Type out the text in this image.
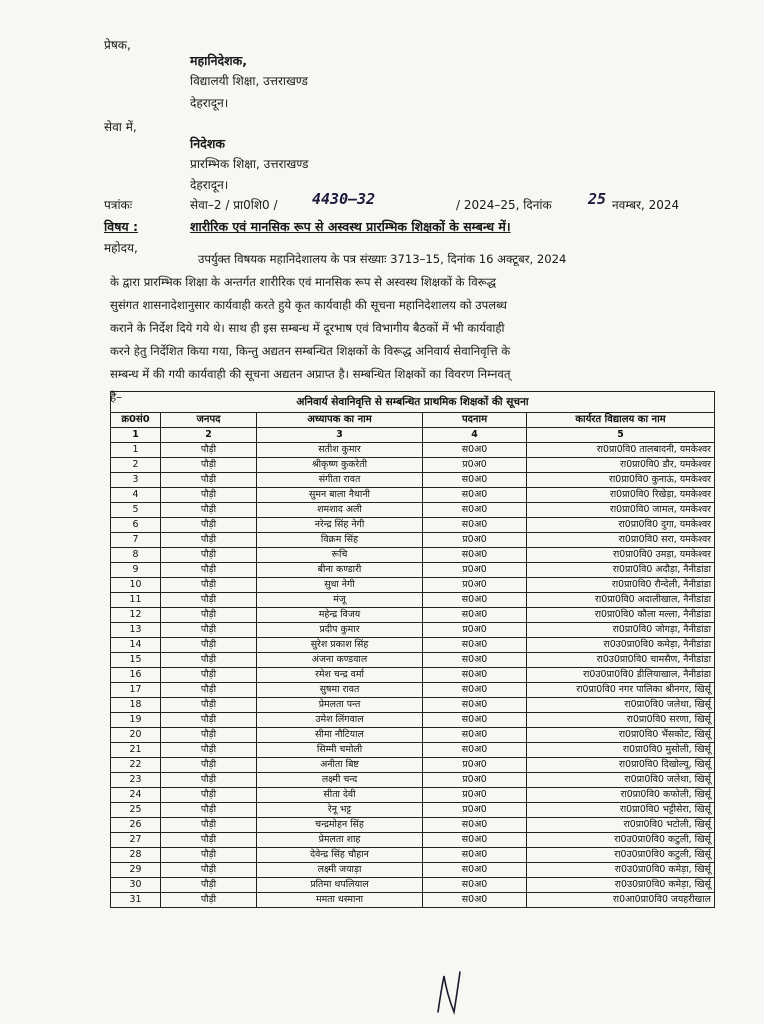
प्रेषक,
महानिदेशक,
विद्यालयी शिक्षा, उत्तराखण्ड
देहरादून।
सेवा में,
निदेशक
प्रारम्भिक शिक्षा, उत्तराखण्ड
देहरादून।
पत्रांकः	सेवा–2 / प्रा0शि0 / 4430–32	/ 2024–25, दिनांक 25 नवम्बर, 2024
विषय :	शारीरिक एवं मानसिक रूप से अस्वस्थ प्रारम्भिक शिक्षकों के सम्बन्ध में।
महोदय,
उपर्युक्त विषयक महानिदेशालय के पत्र संख्याः 3713–15, दिनांक 16 अक्टूबर, 2024
के द्वारा प्रारम्भिक शिक्षा के अन्तर्गत शारीरिक एवं मानसिक रूप से अस्वस्थ शिक्षकों के विरूद्ध
सुसंगत शासनादेशानुसार कार्यवाही करते हुये कृत कार्यवाही की सूचना महानिदेशालय को उपलब्ध
कराने के निर्देश दिये गये थे। साथ ही इस सम्बन्ध में दूरभाष एवं विभागीय बैठकों में भी कार्यवाही
करने हेतु निर्देशित किया गया, किन्तु अद्यतन सम्बन्धित शिक्षकों के विरूद्ध अनिवार्य सेवानिवृत्ति के
सम्बन्ध में की गयी कार्यवाही की सूचना अद्यतन अप्राप्त है। सम्बन्धित शिक्षकों का विवरण निम्नवत्
है–	अनिवार्य सेवानिवृत्ति से सम्बन्धित प्राथमिक शिक्षकों की सूचना				
क्र0सं0	जनपद	अध्यापक का नाम	पदनाम	कार्यरत विद्यालय का नाम
1	2	3	4	5
1	पौड़ी	सतीश कुमार	स0अ0	रा0प्रा0वि0 तालबादनी, यमकेश्वर
2	पौड़ी	श्रीकृष्ण कुकरेती	प्र0अ0	रा0प्रा0वि0 डौर, यमकेश्वर
3	पौड़ी	संगीता रावत	स0अ0	रा0प्रा0वि0 कुनाऊं, यमकेश्वर
4	पौड़ी	सुमन बाला नैथानी	स0अ0	रा0प्रा0वि0 रिखेड़ा, यमकेश्वर
5	पौड़ी	शमशाद अली	स0अ0	रा0प्रा0वि0 जामल, यमकेश्वर
6	पौड़ी	नरेन्द्र सिंह नेगी	स0अ0	रा0प्रा0वि0 दुगा, यमकेश्वर
7	पौड़ी	विक्रम सिंह	प्र0अ0	रा0प्रा0वि0 सरा, यमकेश्वर
8	पौड़ी	रूचि	स0अ0	रा0प्रा0वि0 उमड़ा, यमकेश्वर
9	पौड़ी	बीना कण्डारी	प्र0अ0	रा0प्रा0वि0 अदौड़ा, नैनीडांडा
10	पौड़ी	सुधा नेगी	प्र0अ0	रा0प्रा0वि0 रौन्देली, नैनीडांडा
11	पौड़ी	मंजू	स0अ0	रा0प्रा0वि0 अदालीखाल, नैनीडांडा
12	पौड़ी	महेन्द्र विजय	स0अ0	रा0प्रा0वि0 कौला मल्ला, नैनीडांडा
13	पौड़ी	प्रदीप कुमार	प्र0अ0	रा0प्रा0वि0 जोगड़ा, नैनीडांडा
14	पौड़ी	सुरेश प्रकाश सिंह	स0अ0	रा0उ0प्रा0वि0 कमेड़ा, नैनीडांडा
15	पौड़ी	अंजना कण्डवाल	स0अ0	रा0उ0प्रा0वि0 चामसैण, नैनीडांडा
16	पौड़ी	रमेश चन्द्र वर्मा	स0अ0	रा0उ0प्रा0वि0 डीलियाखाल, नैनीडांडा
17	पौड़ी	सुषमा रावत	स0अ0	रा0प्रा0वि0 नगर पालिका श्रीनगर, खिर्सू
18	पौड़ी	प्रेमलता पन्त	स0अ0	रा0प्रा0वि0 जलेथा, खिर्सू
19	पौड़ी	उमेश लिंगवाल	स0अ0	रा0प्रा0वि0 सरणा, खिर्सू
20	पौड़ी	सीमा नौटियाल	स0अ0	रा0प्रा0वि0 भैंसकोट, खिर्सू
21	पौड़ी	सिम्मी चमोली	स0अ0	रा0प्रा0वि0 मुसोली, खिर्सू
22	पौड़ी	अनीता बिष्ट	प्र0अ0	रा0प्रा0वि0 दिखोल्यू, खिर्सू
23	पौड़ी	लक्ष्मी चन्द	प्र0अ0	रा0प्रा0वि0 जलेथा, खिर्सू
24	पौड़ी	सीता देवी	प्र0अ0	रा0प्रा0वि0 कफोली, खिर्सू
25	पौड़ी	रेनू भट्ट	प्र0अ0	रा0प्रा0वि0 भट्टीसेरा, खिर्सू
26	पौड़ी	चन्द्रमोहन सिंह	स0अ0	रा0प्रा0वि0 भटोली, खिर्सू
27	पौड़ी	प्रेमलता शाह	स0अ0	रा0उ0प्रा0वि0 कटुली, खिर्सू
28	पौड़ी	देवेन्द्र सिंह चौहान	स0अ0	रा0उ0प्रा0वि0 कटुली, खिर्सू
29	पौड़ी	लक्ष्मी जयाड़ा	स0अ0	रा0उ0प्रा0वि0 कमेड़ा, खिर्सू
30	पौड़ी	प्रतिमा थपलियाल	स0अ0	रा0उ0प्रा0वि0 कमेड़ा, खिर्सू
31	पौड़ी	ममता धस्माना	स0अ0	रा0आ0प्रा0वि0 जयहरीखाल
